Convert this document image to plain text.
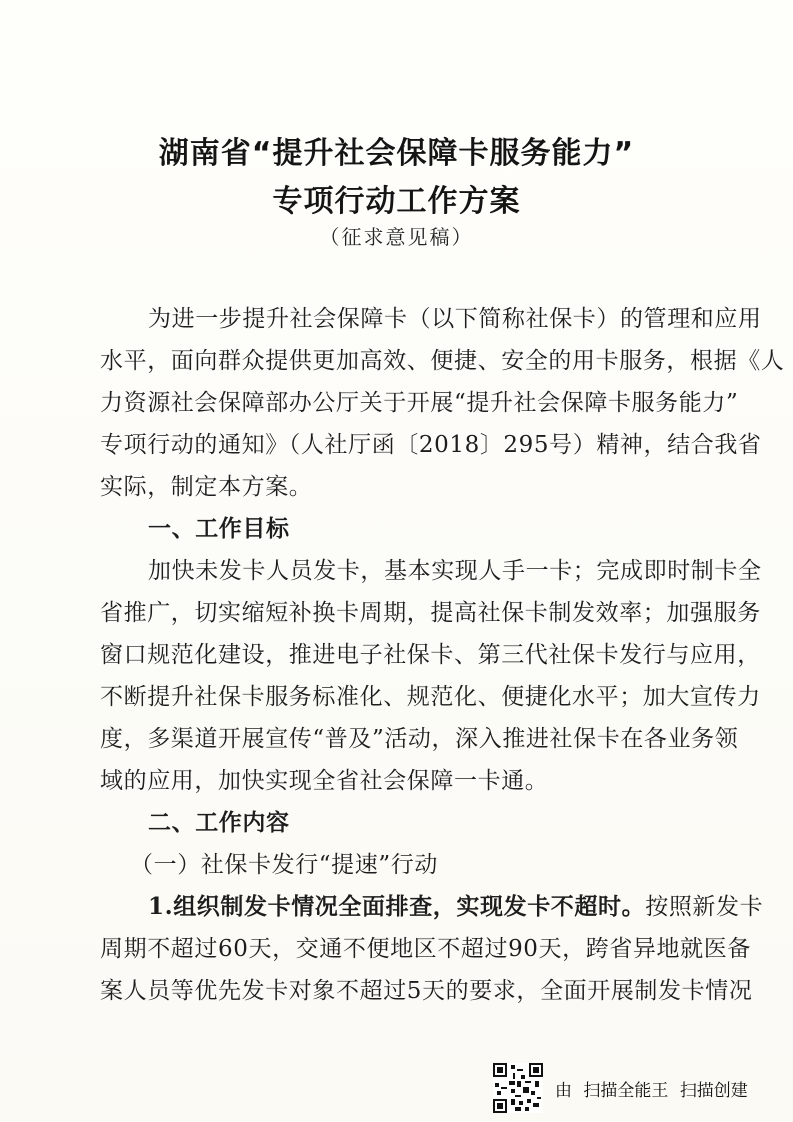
湖南省“提升社会保障卡服务能力”
专项行动工作方案
（征求意见稿）
为进一步提升社会保障卡（以下简称社保卡）的管理和应用
水平，面向群众提供更加高效、便捷、安全的用卡服务，根据《人
力资源社会保障部办公厅关于开展“提升社会保障卡服务能力”
专项行动的通知》（人社厅函〔2018〕295号）精神，结合我省
实际，制定本方案。
一、工作目标
加快未发卡人员发卡，基本实现人手一卡；完成即时制卡全
省推广，切实缩短补换卡周期，提高社保卡制发效率；加强服务
窗口规范化建设，推进电子社保卡、第三代社保卡发行与应用，
不断提升社保卡服务标准化、规范化、便捷化水平；加大宣传力
度，多渠道开展宣传“普及”活动，深入推进社保卡在各业务领
域的应用，加快实现全省社会保障一卡通。
二、工作内容
（一）社保卡发行“提速”行动
1.组织制发卡情况全面排查，实现发卡不超时。按照新发卡
周期不超过60天，交通不便地区不超过90天，跨省异地就医备
案人员等优先发卡对象不超过5天的要求，全面开展制发卡情况
由 扫描全能王 扫描创建
